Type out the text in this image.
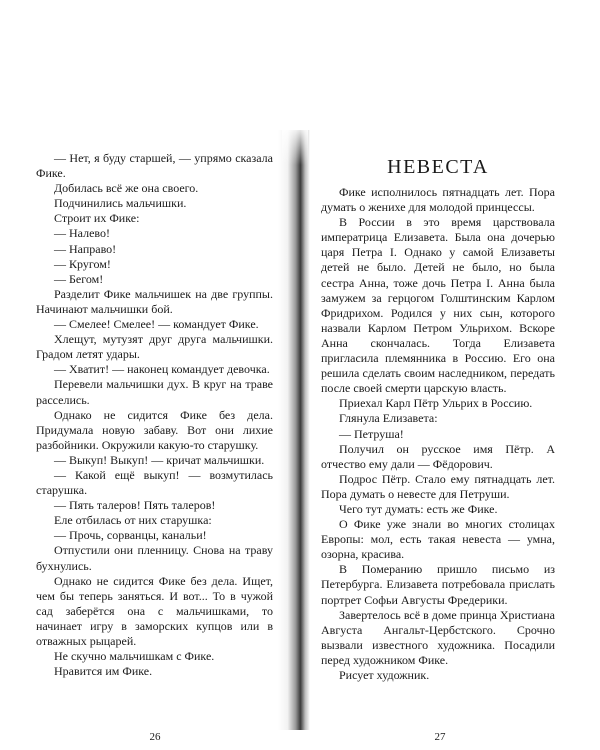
— Нет, я буду старшей, — упрямо сказала Фике.

Добилась всё же она своего.

Подчинились мальчишки.

Строит их Фике:

— Налево!

— Направо!

— Кругом!

— Бегом!

Разделит Фике мальчишек на две группы. Начинают мальчишки бой.

— Смелее! Смелее! — командует Фике.

Хлещут, мутузят друг друга мальчишки. Градом летят удары.

— Хватит! — наконец командует девочка.

Перевели мальчишки дух. В круг на траве расселись.

Однако не сидится Фике без дела. Придумала новую забаву. Вот они лихие разбойники. Окружили какую-то старушку.

— Выкуп! Выкуп! — кричат мальчишки.

— Какой ещё выкуп! — возмутилась старушка.

— Пять талеров! Пять талеров!

Еле отбилась от них старушка:

— Прочь, сорванцы, канальи!

Отпустили они пленницу. Снова на траву бухнулись.

Однако не сидится Фике без дела. Ищет, чем бы теперь заняться. И вот... То в чужой сад заберётся она с мальчишками, то начинает игру в заморских купцов или в отважных рыцарей.

Не скучно мальчишкам с Фике.

Нравится им Фике.

26

НЕВЕСТА

Фике исполнилось пятнадцать лет. Пора думать о женихе для молодой принцессы.

В России в это время царствовала императрица Елизавета. Была она дочерью царя Петра I. Однако у самой Елизаветы детей не было. Детей не было, но была сестра Анна, тоже дочь Петра I. Анна была замужем за герцогом Голштинским Карлом Фридрихом. Родился у них сын, которого назвали Карлом Петром Ульрихом. Вскоре Анна скончалась. Тогда Елизавета пригласила племянника в Россию. Его она решила сделать своим наследником, передать после своей смерти царскую власть.

Приехал Карл Пётр Ульрих в Россию.

Глянула Елизавета:

— Петруша!

Получил он русское имя Пётр. А отчество ему дали — Фёдорович.

Подрос Пётр. Стало ему пятнадцать лет. Пора думать о невесте для Петруши.

Чего тут думать: есть же Фике.

О Фике уже знали во многих столицах Европы: мол, есть такая невеста — умна, озорна, красива.

В Померанию пришло письмо из Петербурга. Елизавета потребовала прислать портрет Софьи Августы Фредерики.

Завертелось всё в доме принца Христиана Августа Ангальт-Цербстского. Срочно вызвали известного художника. Посадили перед художником Фике.

Рисует художник.

27
